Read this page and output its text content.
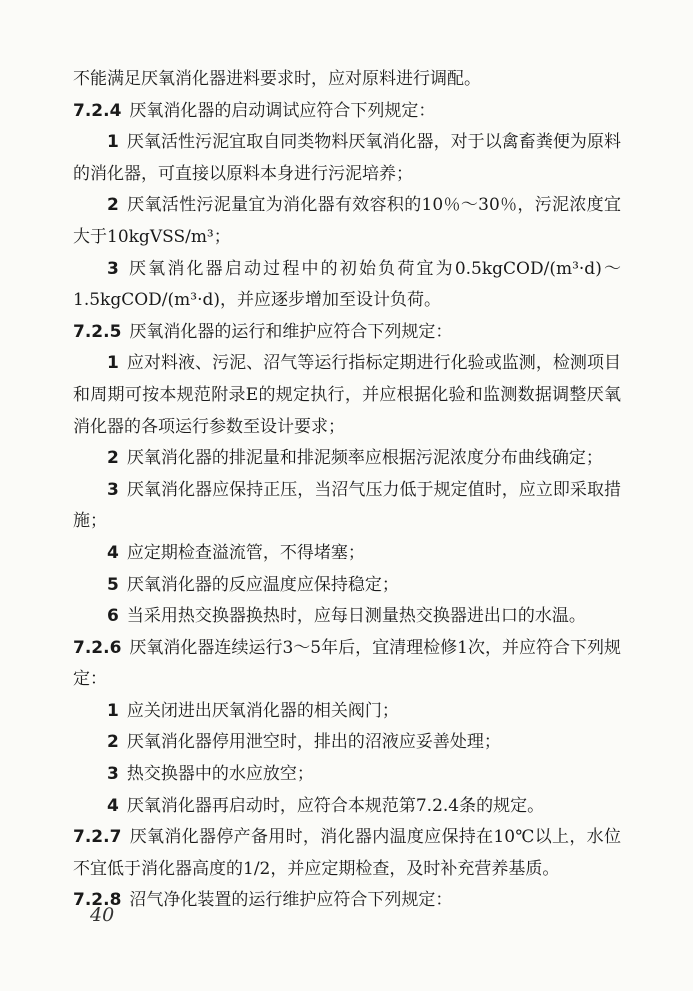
不能满足厌氧消化器进料要求时，应对原料进行调配。

7.2.4 厌氧消化器的启动调试应符合下列规定：

1 厌氧活性污泥宜取自同类物料厌氧消化器，对于以禽畜粪便为原料的消化器，可直接以原料本身进行污泥培养；

2 厌氧活性污泥量宜为消化器有效容积的10％～30％，污泥浓度宜大于10kgVSS/m³；

3 厌氧消化器启动过程中的初始负荷宜为0.5kgCOD/(m³·d)～1.5kgCOD/(m³·d)，并应逐步增加至设计负荷。

7.2.5 厌氧消化器的运行和维护应符合下列规定：

1 应对料液、污泥、沼气等运行指标定期进行化验或监测，检测项目和周期可按本规范附录E的规定执行，并应根据化验和监测数据调整厌氧消化器的各项运行参数至设计要求；

2 厌氧消化器的排泥量和排泥频率应根据污泥浓度分布曲线确定；

3 厌氧消化器应保持正压，当沼气压力低于规定值时，应立即采取措施；

4 应定期检查溢流管，不得堵塞；

5 厌氧消化器的反应温度应保持稳定；

6 当采用热交换器换热时，应每日测量热交换器进出口的水温。

7.2.6 厌氧消化器连续运行3～5年后，宜清理检修1次，并应符合下列规定：

1 应关闭进出厌氧消化器的相关阀门；

2 厌氧消化器停用泄空时，排出的沼液应妥善处理；

3 热交换器中的水应放空；

4 厌氧消化器再启动时，应符合本规范第7.2.4条的规定。

7.2.7 厌氧消化器停产备用时，消化器内温度应保持在10℃以上，水位不宜低于消化器高度的1/2，并应定期检查，及时补充营养基质。

7.2.8 沼气净化装置的运行维护应符合下列规定：

40
